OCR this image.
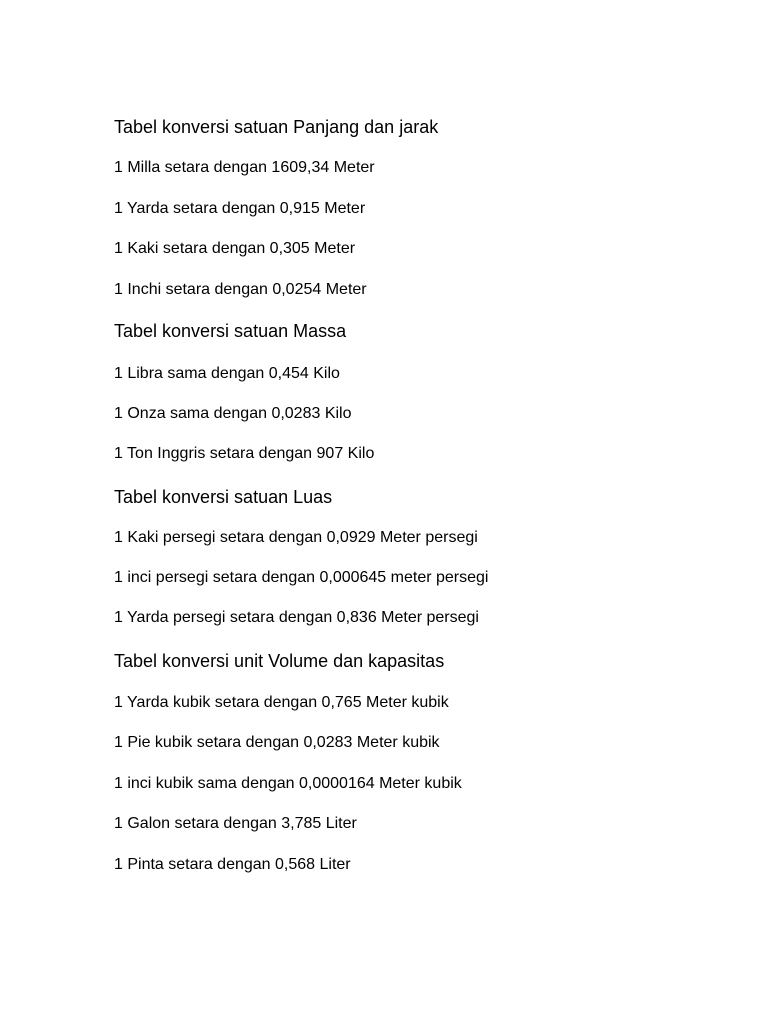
Tabel konversi satuan Panjang dan jarak
1 Milla setara dengan 1609,34 Meter
1 Yarda setara dengan 0,915 Meter
1 Kaki setara dengan 0,305 Meter
1 Inchi setara dengan 0,0254 Meter
Tabel konversi satuan Massa
1 Libra sama dengan 0,454 Kilo
1 Onza sama dengan 0,0283 Kilo
1 Ton Inggris setara dengan 907 Kilo
Tabel konversi satuan Luas
1 Kaki persegi setara dengan 0,0929 Meter persegi
1 inci persegi setara dengan 0,000645 meter persegi
1 Yarda persegi setara dengan 0,836 Meter persegi
Tabel konversi unit Volume dan kapasitas
1 Yarda kubik setara dengan 0,765 Meter kubik
1 Pie kubik setara dengan 0,0283 Meter kubik
1 inci kubik sama dengan 0,0000164 Meter kubik
1 Galon setara dengan 3,785 Liter
1 Pinta setara dengan 0,568 Liter
